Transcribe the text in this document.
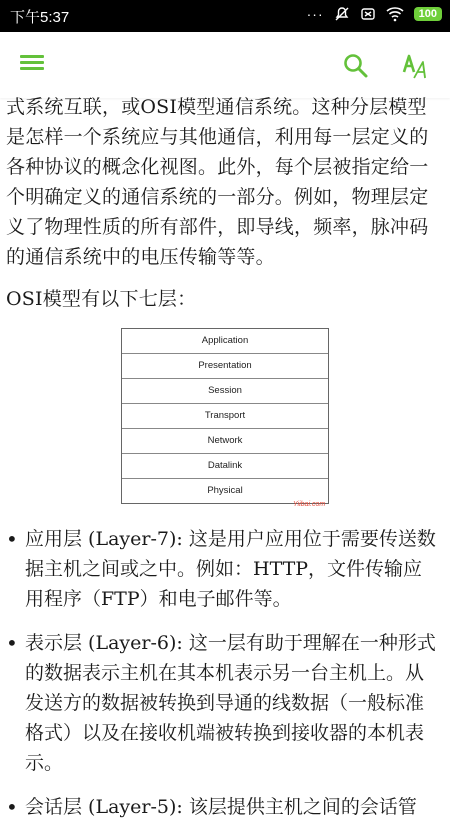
下午5:37	···	100

式系统互联，或OSI模型通信系统。这种分层模型是怎样一个系统应与其他通信，利用每一层定义的各种协议的概念化视图。此外，每个层被指定给一个明确定义的通信系统的一部分。例如，物理层定义了物理性质的所有部件，即导线，频率，脉冲码的通信系统中的电压传输等等。

OSI模型有以下七层：

Application
Presentation
Session
Transport
Network
Datalink
Physical
Yiibai.com
• 应用层 (Layer-7): 这是用户应用位于需要传送数据主机之间或之中。例如：HTTP，文件传输应用程序（FTP）和电子邮件等。
• 表示层 (Layer-6): 这一层有助于理解在一种形式的数据表示主机在其本机表示另一台主机上。从发送方的数据被转换到导通的线数据（一般标准格式）以及在接收机端被转换到接收器的本机表示。
• 会话层 (Layer-5): 该层提供主机之间的会话管
